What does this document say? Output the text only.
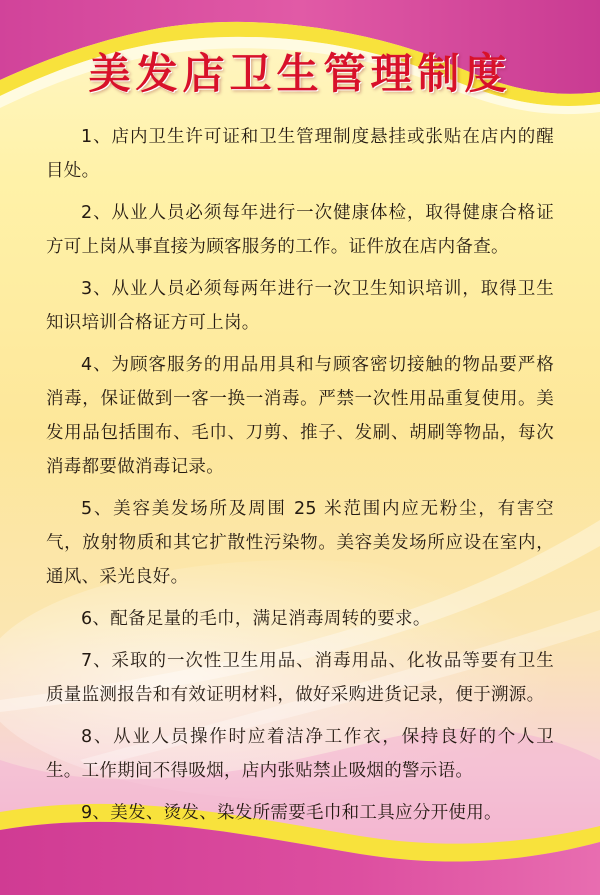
美发店卫生管理制度

1、店内卫生许可证和卫生管理制度悬挂或张贴在店内的醒目处。

2、从业人员必须每年进行一次健康体检，取得健康合格证方可上岗从事直接为顾客服务的工作。证件放在店内备查。

3、从业人员必须每两年进行一次卫生知识培训，取得卫生知识培训合格证方可上岗。

4、为顾客服务的用品用具和与顾客密切接触的物品要严格消毒，保证做到一客一换一消毒。严禁一次性用品重复使用。美发用品包括围布、毛巾、刀剪、推子、发刷、胡刷等物品，每次消毒都要做消毒记录。

5、美容美发场所及周围 25 米范围内应无粉尘，有害空气，放射物质和其它扩散性污染物。美容美发场所应设在室内，通风、采光良好。

6、配备足量的毛巾，满足消毒周转的要求。

7、采取的一次性卫生用品、消毒用品、化妆品等要有卫生质量监测报告和有效证明材料，做好采购进货记录，便于溯源。

8、从业人员操作时应着洁净工作衣，保持良好的个人卫生。工作期间不得吸烟，店内张贴禁止吸烟的警示语。

9、美发、烫发、染发所需要毛巾和工具应分开使用。
